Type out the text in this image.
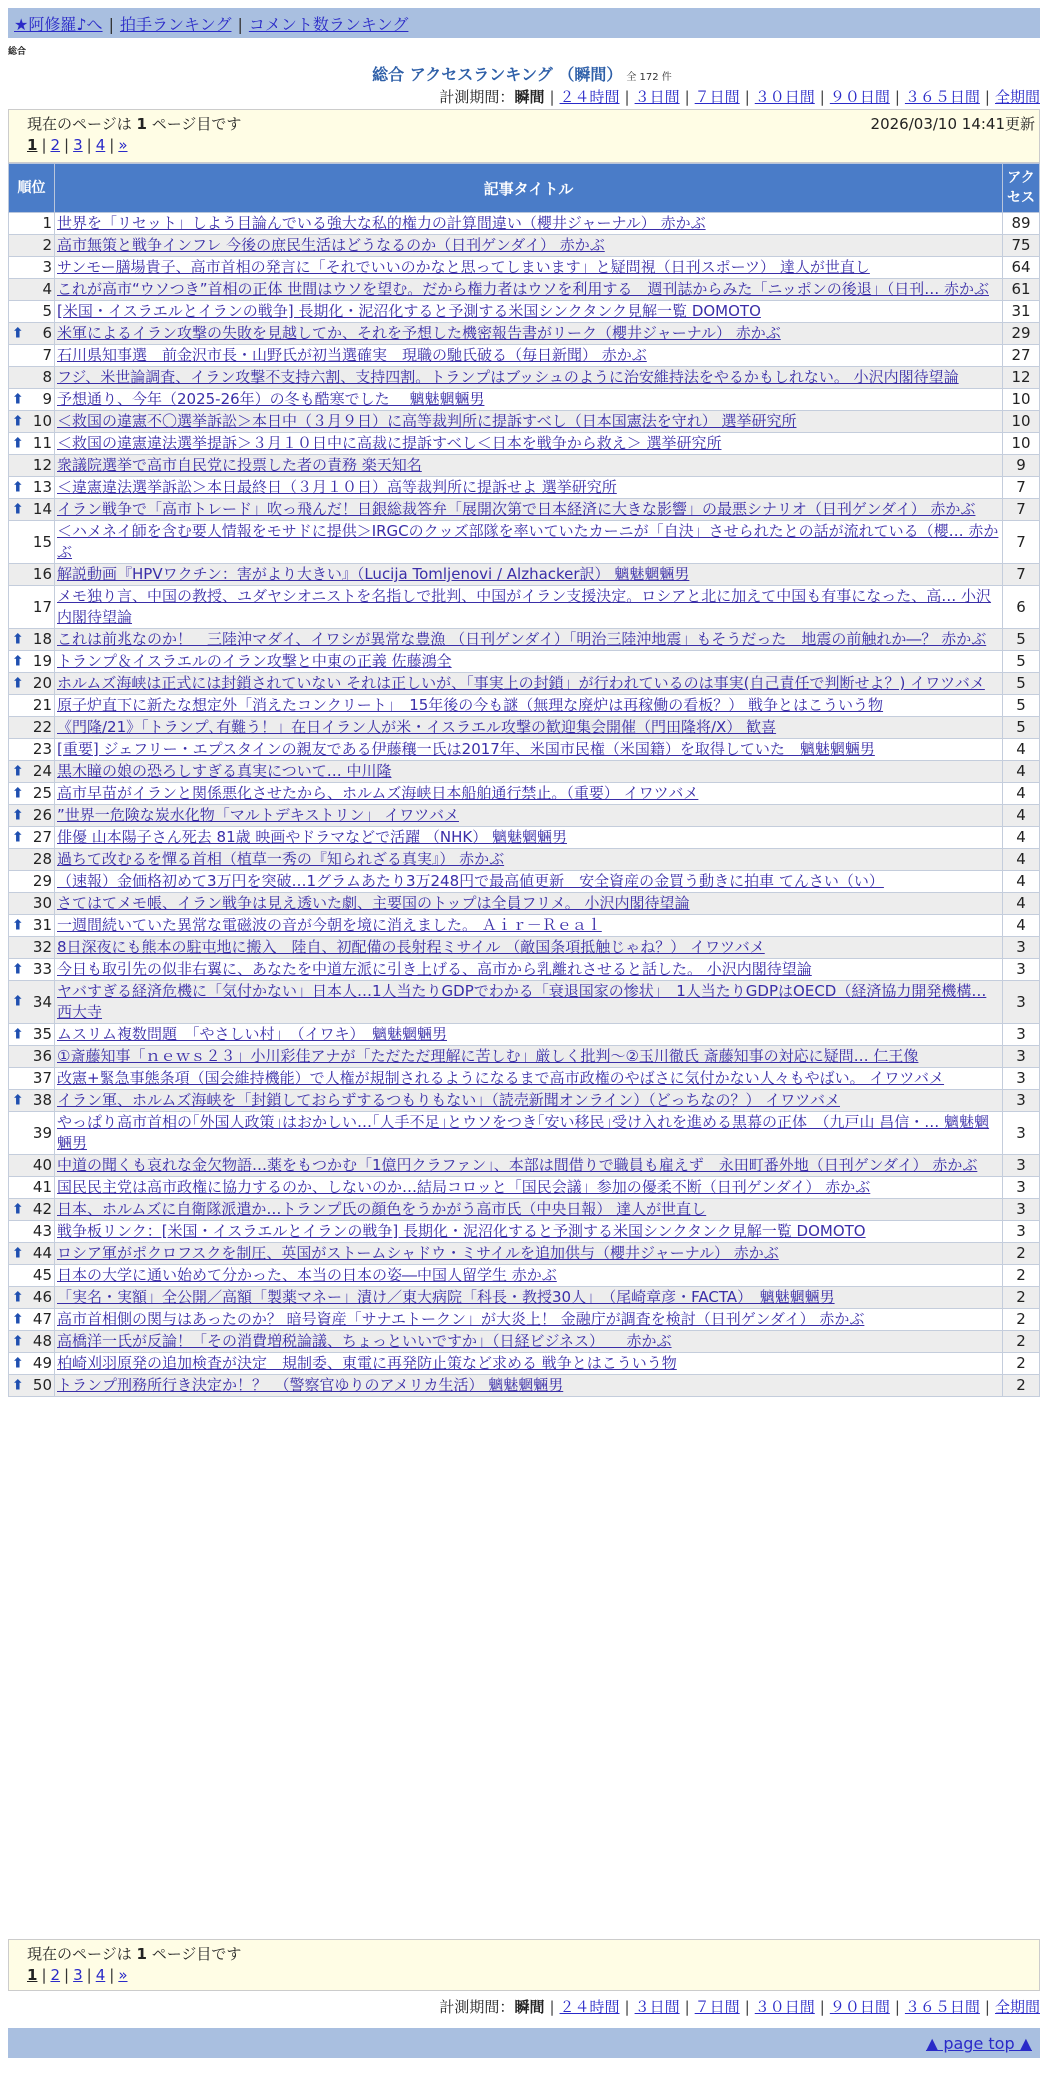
★阿修羅♪へ | 拍手ランキング | コメント数ランキング
総合
総合 アクセスランキング （瞬間） 全 172 件
計測期間：瞬間 | ２４時間 | ３日間 | ７日間 | ３０日間 | ９０日間 | ３６５日間 | 全期間
現在のページは 1 ページ目です	2026/03/10 14:41更新
1 | 2 | 3 | 4 | »
順位	記事タイトル	アクセス
1	世界を「リセット」しよう目論んでいる強大な私的権力の計算間違い（櫻井ジャーナル） 赤かぶ	89
2	高市無策と戦争インフレ 今後の庶民生活はどうなるのか（日刊ゲンダイ） 赤かぶ	75
3	サンモー膳場貴子、高市首相の発言に「それでいいのかなと思ってしまいます」と疑問視（日刊スポーツ） 達人が世直し	64
4	これが高市“ウソつき”首相の正体 世間はウソを望む。だから権力者はウソを利用する　週刊誌からみた「ニッポンの後退」（日刊… 赤かぶ	61
5	[米国・イスラエルとイランの戦争] 長期化・泥沼化すると予測する米国シンクタンク見解一覧 DOMOTO	31

⬆ 6	米軍によるイラン攻撃の失敗を見越してか、それを予想した機密報告書がリーク（櫻井ジャーナル） 赤かぶ	29
7	石川県知事選　前金沢市長・山野氏が初当選確実　現職の馳氏破る（毎日新聞） 赤かぶ	27
8	フジ、米世論調査、イラン攻撃不支持六割、支持四割。トランプはブッシュのように治安維持法をやるかもしれない。 小沢内閣待望論	12

⬆ 9	予想通り、今年（2025-26年）の冬も酷寒でした　 魑魅魍魎男	10

⬆ 10	＜救国の違憲不〇選挙訴訟＞本日中（３月９日）に高等裁判所に提訴すべし（日本国憲法を守れ） 選挙研究所	10

⬆ 11	＜救国の違憲違法選挙提訴＞３月１０日中に高裁に提訴すべし＜日本を戦争から救え＞ 選挙研究所	10
12	衆議院選挙で高市自民党に投票した者の責務 楽天知名	9

⬆ 13	＜違憲違法選挙訴訟＞本日最終日（３月１０日）高等裁判所に提訴せよ 選挙研究所	7

⬆ 14	イラン戦争で「高市トレード」吹っ飛んだ！日銀総裁答弁「展開次第で日本経済に大きな影響」の最悪シナリオ（日刊ゲンダイ） 赤かぶ	7
15	＜ハメネイ師を含む要人情報をモサドに提供＞IRGCのクッズ部隊を率いていたカーニが「自決」させられたとの話が流れている（櫻… 赤かぶ	7
16	解説動画『HPVワクチン：害がより大きい』（Lucija Tomljenovi / Alzhacker訳） 魑魅魍魎男	7
17	メモ独り言、中国の教授、ユダヤシオニストを名指しで批判、中国がイラン支援決定。ロシアと北に加えて中国も有事になった、高… 小沢内閣待望論	6

⬆ 18	これは前兆なのか！　三陸沖マダイ、イワシが異常な豊漁 （日刊ゲンダイ）「明治三陸沖地震」もそうだった　地震の前触れか―？ 赤かぶ	5

⬆ 19	トランプ＆イスラエルのイラン攻撃と中東の正義 佐藤鴻全	5

⬆ 20	ホルムズ海峡は正式には封鎖されていない それは正しいが、「事実上の封鎖」が行われているのは事実(自己責任で判断せよ？) イワツバメ	5
21	原子炉直下に新たな想定外「消えたコンクリート」　15年後の今も謎（無理な廃炉は再稼働の看板？） 戦争とはこういう物	5
22	《門隆/21》「トランプ､有難う！」在日イラン人が米・イスラエル攻撃の歓迎集会開催（門田隆将/X） 歓喜	5
23	[重要] ジェフリー・エプスタインの親友である伊藤穰一氏は2017年、米国市民権（米国籍）を取得していた　魑魅魍魎男	4

⬆ 24	黒木瞳の娘の恐ろしすぎる真実について… 中川隆	4

⬆ 25	高市早苗がイランと関係悪化させたから、ホルムズ海峡日本船舶通行禁止。（重要） イワツバメ	4

⬆ 26	”世界一危険な炭水化物「マルトデキストリン」 イワツバメ	4

⬆ 27	俳優 山本陽子さん死去 81歳 映画やドラマなどで活躍 （NHK） 魑魅魍魎男	4
28	過ちて改むるを憚る首相（植草一秀の『知られざる真実』） 赤かぶ	4
29	（速報）金価格初めて3万円を突破…1グラムあたり3万248円で最高値更新　安全資産の金買う動きに拍車 てんさい（い）	4
30	さてはてメモ帳、イラン戦争は見え透いた劇、主要国のトップは全員フリメ。 小沢内閣待望論	4

⬆ 31	一週間続いていた異常な電磁波の音が今朝を境に消えました。 Ａｉｒ－Ｒｅａｌ	4
32	8日深夜にも熊本の駐屯地に搬入　陸自、初配備の長射程ミサイル （敵国条項抵触じゃね？） イワツバメ	3

⬆ 33	今日も取引先の似非右翼に、あなたを中道左派に引き上げる、高市から乳離れさせると話した。 小沢内閣待望論	3

⬆ 34	ヤバすぎる経済危機に「気付かない」日本人…1人当たりGDPでわかる「衰退国家の惨状」　1人当たりGDPはOECD（経済協力開発機構… 西大寺	3

⬆ 35	ムスリム複数問題　「やさしい村」　（イワキ）　魑魅魍魎男	3
36	①斎藤知事「ｎｅｗｓ２３」小川彩佳アナが「ただただ理解に苦しむ」厳しく批判～②玉川徹氏 斎藤知事の対応に疑問… 仁王像	3
37	改憲+緊急事態条項（国会維持機能）で人権が規制されるようになるまで高市政権のやばさに気付かない人々もやばい。 イワツバメ	3

⬆ 38	イラン軍、ホルムズ海峡を「封鎖しておらずするつもりもない」（読売新聞オンライン）（どっちなの？） イワツバメ	3
39	やっぱり高市首相の｢外国人政策｣はおかしい…｢人手不足｣とウソをつき｢安い移民｣受け入れを進める黒幕の正体　（九戸山 昌信・… 魑魅魍魎男	3
40	中道の聞くも哀れな金欠物語…薬をもつかむ「1億円クラファン」、本部は間借りで職員も雇えず　永田町番外地（日刊ゲンダイ） 赤かぶ	3
41	国民民主党は高市政権に協力するのか、しないのか…結局コロッと「国民会議」参加の優柔不断（日刊ゲンダイ） 赤かぶ	3

⬆ 42	日本、ホルムズに自衛隊派遣か…トランプ氏の顔色をうかがう高市氏（中央日報） 達人が世直し	3
43	戦争板リンク：[米国・イスラエルとイランの戦争] 長期化・泥沼化すると予測する米国シンクタンク見解一覧 DOMOTO	3

⬆ 44	ロシア軍がポクロフスクを制圧、英国がストームシャドウ・ミサイルを追加供与（櫻井ジャーナル） 赤かぶ	2
45	日本の大学に通い始めて分かった、本当の日本の姿―中国人留学生 赤かぶ	2

⬆ 46	「実名・実額」全公開／高額「製薬マネー」漬け／東大病院「科長・教授30人」　（尾崎章彦・FACTA）　魑魅魍魎男	2

⬆ 47	高市首相側の関与はあったのか？ 暗号資産「サナエトークン」が大炎上！ 金融庁が調査を検討（日刊ゲンダイ） 赤かぶ	2

⬆ 48	高橋洋一氏が反論！「その消費増税論議、ちょっといいですか」（日経ビジネス）　　赤かぶ	2

⬆ 49	柏崎刈羽原発の追加検査が決定　規制委、東電に再発防止策など求める 戦争とはこういう物	2

⬆ 50	トランプ刑務所行き決定か！？　（警察官ゆりのアメリカ生活） 魑魅魍魎男	2
現在のページは 1 ページ目です
1 | 2 | 3 | 4 | »
計測期間：瞬間 | ２４時間 | ３日間 | ７日間 | ３０日間 | ９０日間 | ３６５日間 | 全期間
▲ page top ▲
